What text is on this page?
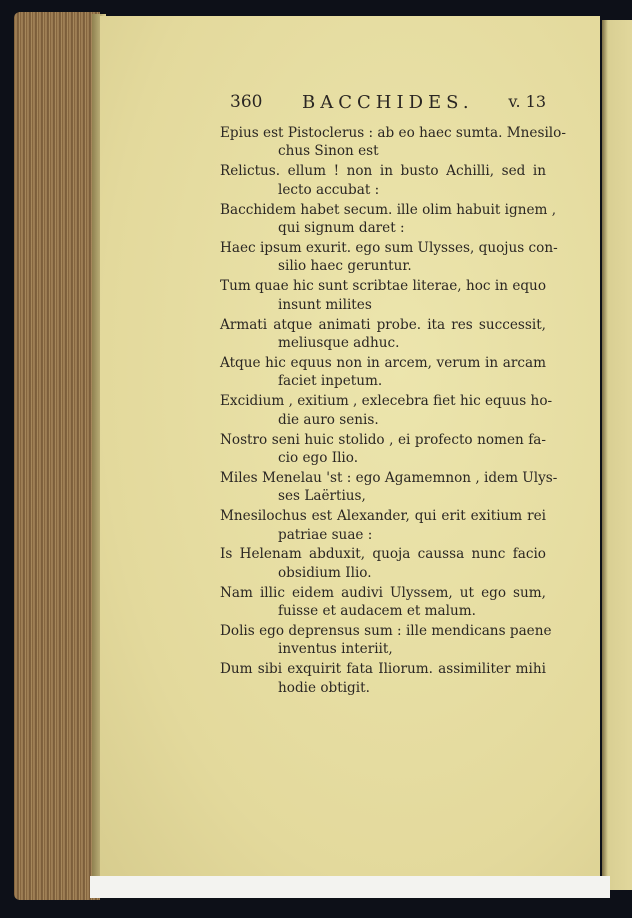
360 BACCHIDES. v. 13
Epius est Pistoclerus : ab eo haec sumta. Mnesilo-
chus Sinon est
Relictus. ellum ! non in busto Achilli, sed in
lecto accubat :
Bacchidem habet secum. ille olim habuit ignem ,
qui signum daret :
Haec ipsum exurit. ego sum Ulysses, quojus con-
silio haec geruntur.
Tum quae hic sunt scribtae literae, hoc in equo
insunt milites
Armati atque animati probe. ita res successit,
meliusque adhuc.
Atque hic equus non in arcem, verum in arcam
faciet inpetum.
Excidium , exitium , exlecebra fiet hic equus ho-
die auro senis.
Nostro seni huic stolido , ei profecto nomen fa-
cio ego Ilio.
Miles Menelau 'st : ego Agamemnon , idem Ulys-
ses Laërtius,
Mnesilochus est Alexander, qui erit exitium rei
patriae suae :
Is Helenam abduxit, quoja caussa nunc facio
obsidium Ilio.
Nam illic eidem audivi Ulyssem, ut ego sum,
fuisse et audacem et malum.
Dolis ego deprensus sum : ille mendicans paene
inventus interiit,
Dum sibi exquirit fata Iliorum. assimiliter mihi
hodie obtigit.
